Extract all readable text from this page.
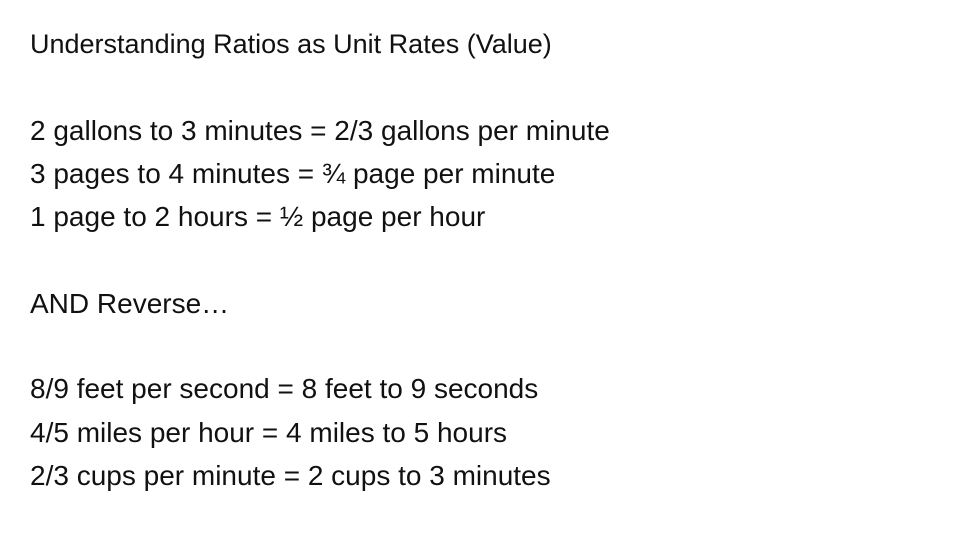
Understanding Ratios as Unit Rates (Value)
2 gallons to 3 minutes = 2/3 gallons per minute
3 pages to 4 minutes = ¾ page per minute
1 page to 2 hours = ½ page per hour
AND Reverse…
8/9 feet per second = 8 feet to 9 seconds
4/5 miles per hour = 4 miles to 5 hours
2/3 cups per minute = 2 cups to 3 minutes
